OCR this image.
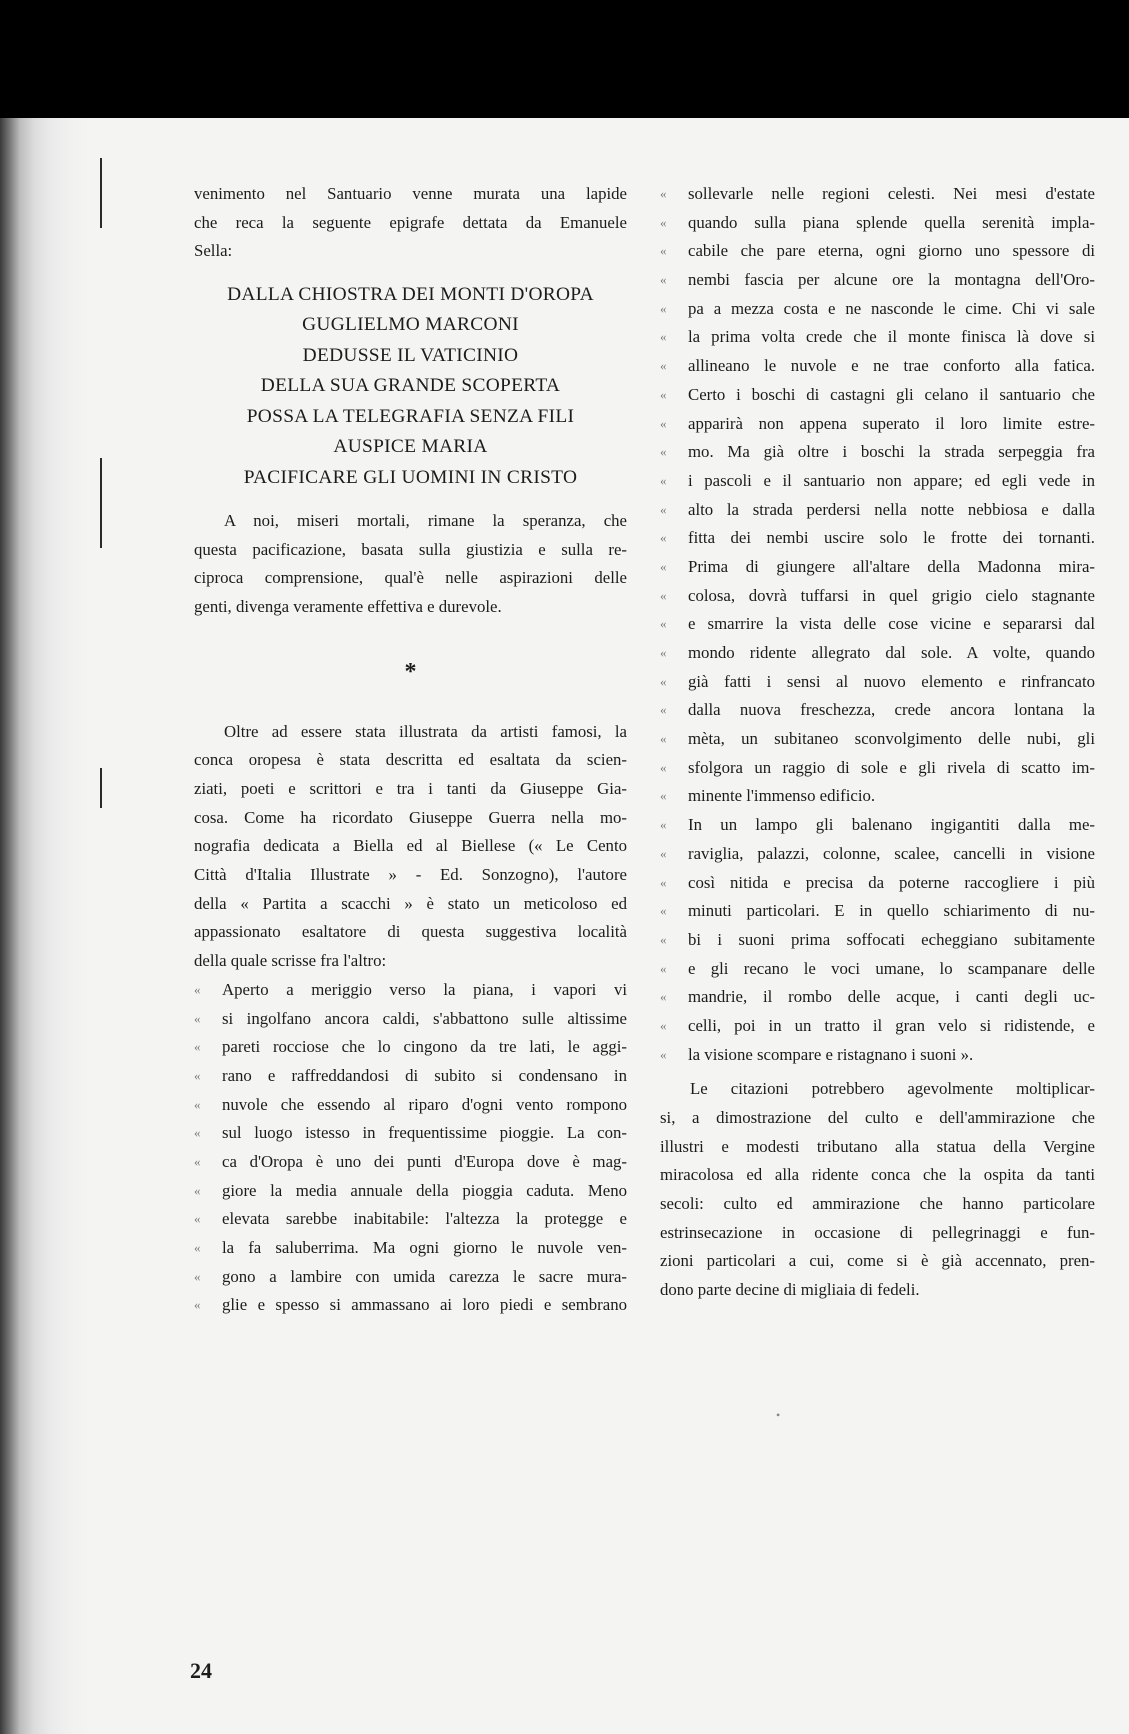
venimento nel Santuario venne murata una lapide
che reca la seguente epigrafe dettata da Emanuele
Sella:
DALLA CHIOSTRA DEI MONTI D'OROPA
GUGLIELMO MARCONI
DEDUSSE IL VATICINIO
DELLA SUA GRANDE SCOPERTA
POSSA LA TELEGRAFIA SENZA FILI
AUSPICE MARIA
PACIFICARE GLI UOMINI IN CRISTO
A noi, miseri mortali, rimane la speranza, che
questa pacificazione, basata sulla giustizia e sulla re-
ciproca comprensione, qual'è nelle aspirazioni delle
genti, divenga veramente effettiva e durevole.
*
Oltre ad essere stata illustrata da artisti famosi, la
conca oropesa è stata descritta ed esaltata da scien-
ziati, poeti e scrittori e tra i tanti da Giuseppe Gia-
cosa. Come ha ricordato Giuseppe Guerra nella mo-
nografia dedicata a Biella ed al Biellese (« Le Cento
Città d'Italia Illustrate » - Ed. Sonzogno), l'autore
della « Partita a scacchi » è stato un meticoloso ed
appassionato esaltatore di questa suggestiva località
della quale scrisse fra l'altro:
« Aperto a meriggio verso la piana, i vapori vi
« si ingolfano ancora caldi, s'abbattono sulle altissime
« pareti rocciose che lo cingono da tre lati, le aggi-
« rano e raffreddandosi di subito si condensano in
« nuvole che essendo al riparo d'ogni vento rompono
« sul luogo istesso in frequentissime pioggie. La con-
« ca d'Oropa è uno dei punti d'Europa dove è mag-
« giore la media annuale della pioggia caduta. Meno
« elevata sarebbe inabitabile: l'altezza la protegge e
« la fa saluberrima. Ma ogni giorno le nuvole ven-
« gono a lambire con umida carezza le sacre mura-
« glie e spesso si ammassano ai loro piedi e sembrano
« sollevarle nelle regioni celesti. Nei mesi d'estate
« quando sulla piana splende quella serenità impla-
« cabile che pare eterna, ogni giorno uno spessore di
« nembi fascia per alcune ore la montagna dell'Oro-
« pa a mezza costa e ne nasconde le cime. Chi vi sale
« la prima volta crede che il monte finisca là dove si
« allineano le nuvole e ne trae conforto alla fatica.
« Certo i boschi di castagni gli celano il santuario che
« apparirà non appena superato il loro limite estre-
« mo. Ma già oltre i boschi la strada serpeggia fra
« i pascoli e il santuario non appare; ed egli vede in
« alto la strada perdersi nella notte nebbiosa e dalla
« fitta dei nembi uscire solo le frotte dei tornanti.
« Prima di giungere all'altare della Madonna mira-
« colosa, dovrà tuffarsi in quel grigio cielo stagnante
« e smarrire la vista delle cose vicine e separarsi dal
« mondo ridente allegrato dal sole. A volte, quando
« già fatti i sensi al nuovo elemento e rinfrancato
« dalla nuova freschezza, crede ancora lontana la
« mèta, un subitaneo sconvolgimento delle nubi, gli
« sfolgora un raggio di sole e gli rivela di scatto im-
« minente l'immenso edificio.
« In un lampo gli balenano ingigantiti dalla me-
« raviglia, palazzi, colonne, scalee, cancelli in visione
« così nitida e precisa da poterne raccogliere i più
« minuti particolari. E in quello schiarimento di nu-
« bi i suoni prima soffocati echeggiano subitamente
« e gli recano le voci umane, lo scampanare delle
« mandrie, il rombo delle acque, i canti degli uc-
« celli, poi in un tratto il gran velo si ridistende, e
« la visione scompare e ristagnano i suoni ».
Le citazioni potrebbero agevolmente moltiplicar-
si, a dimostrazione del culto e dell'ammirazione che
illustri e modesti tributano alla statua della Vergine
miracolosa ed alla ridente conca che la ospita da tanti
secoli: culto ed ammirazione che hanno particolare
estrinsecazione in occasione di pellegrinaggi e fun-
zioni particolari a cui, come si è già accennato, pren-
dono parte decine di migliaia di fedeli.
•
24
